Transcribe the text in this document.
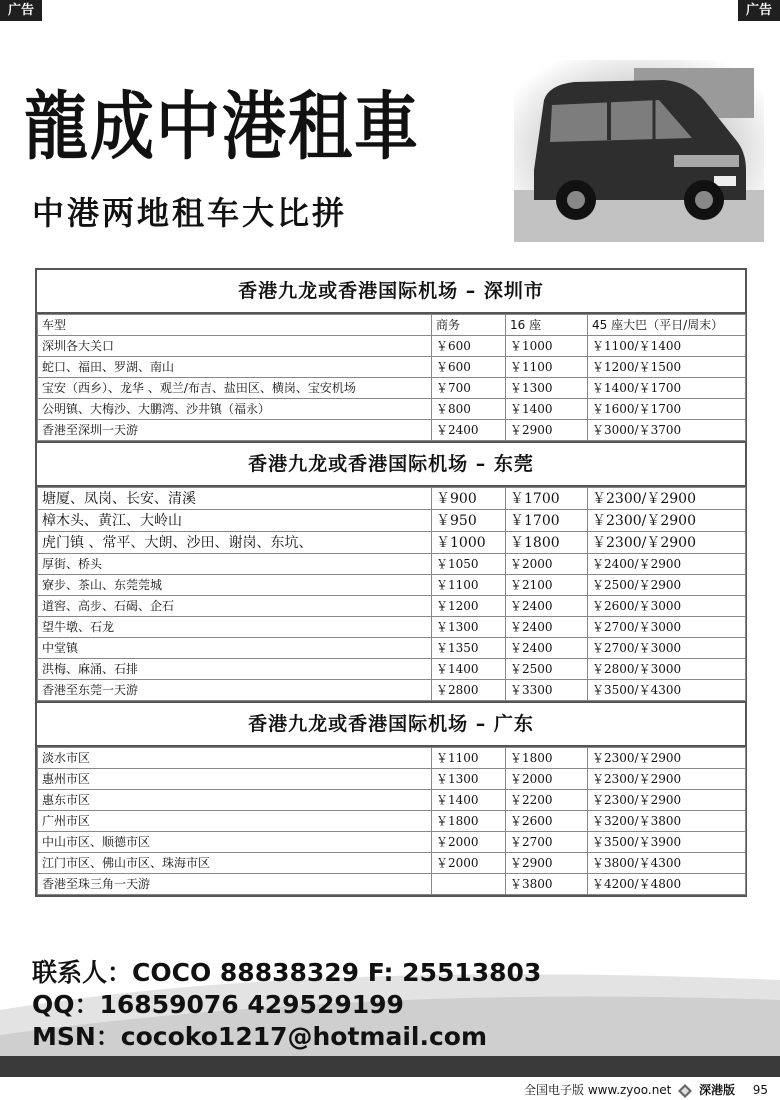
广告	广告
龍成中港租車
中港两地租车大比拼
香港九龙或香港国际机场 – 深圳市
车型	商务	16 座	45 座大巴（平日/周末）
深圳各大关口	￥600	￥1000	￥1100/￥1400
蛇口、福田、罗湖、南山	￥600	￥1100	￥1200/￥1500
宝安（西乡）、龙华 、观兰/布吉、盐田区、横岗、宝安机场	￥700	￥1300	￥1400/￥1700
公明镇、大梅沙、大鹏湾、沙井镇（福永）	￥800	￥1400	￥1600/￥1700
香港至深圳一天游	￥2400	￥2900	￥3000/￥3700
香港九龙或香港国际机场 – 东莞
塘厦、凤岗、长安、清溪	￥900	￥1700	￥2300/￥2900
樟木头、黄江、大岭山	￥950	￥1700	￥2300/￥2900
虎门镇 、常平、大朗、沙田、谢岗、东坑、	￥1000	￥1800	￥2300/￥2900
厚街、桥头	￥1050	￥2000	￥2400/￥2900
寮步、茶山、东莞莞城	￥1100	￥2100	￥2500/￥2900
道窖、高步、石碣、企石	￥1200	￥2400	￥2600/￥3000
望牛墩、石龙	￥1300	￥2400	￥2700/￥3000
中堂镇	￥1350	￥2400	￥2700/￥3000
洪梅、麻涌、石排	￥1400	￥2500	￥2800/￥3000
香港至东莞一天游	￥2800	￥3300	￥3500/￥4300
香港九龙或香港国际机场 – 广东
淡水市区	￥1100	￥1800	￥2300/￥2900
惠州市区	￥1300	￥2000	￥2300/￥2900
惠东市区	￥1400	￥2200	￥2300/￥2900
广州市区	￥1800	￥2600	￥3200/￥3800
中山市区、顺德市区	￥2000	￥2700	￥3500/￥3900
江门市区、佛山市区、珠海市区	￥2000	￥2900	￥3800/￥4300
香港至珠三角一天游		￥3800	￥4200/￥4800
联系人：COCO 88838329 F: 25513803
QQ：16859076 429529199
MSN：cocoko1217@hotmail.com
全国电子版 www.zyoo.net 深港版 95
